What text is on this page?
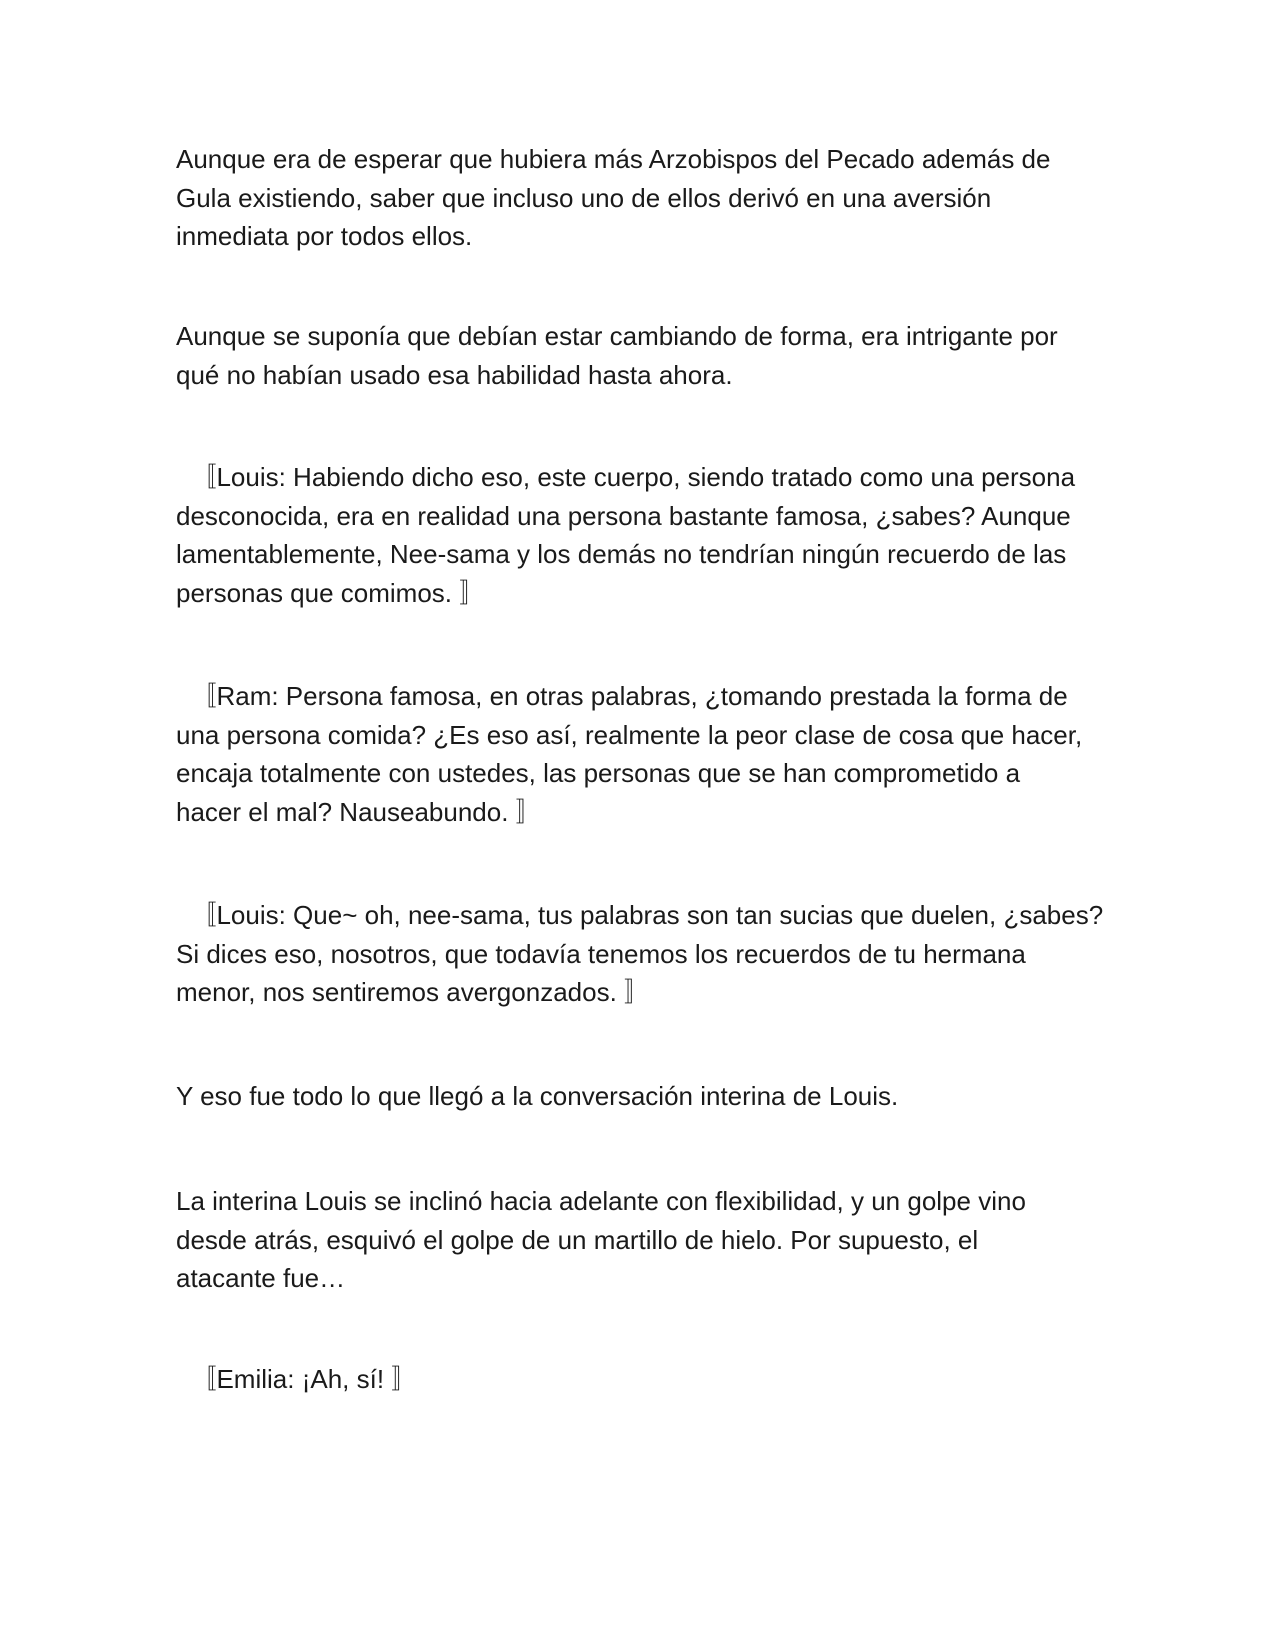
Aunque era de esperar que hubiera más Arzobispos del Pecado además de
Gula existiendo, saber que incluso uno de ellos derivó en una aversión
inmediata por todos ellos.

Aunque se suponía que debían estar cambiando de forma, era intrigante por
qué no habían usado esa habilidad hasta ahora.

〚Louis: Habiendo dicho eso, este cuerpo, siendo tratado como una persona
desconocida, era en realidad una persona bastante famosa, ¿sabes? Aunque
lamentablemente, Nee-sama y los demás no tendrían ningún recuerdo de las
personas que comimos. 〛

〚Ram: Persona famosa, en otras palabras, ¿tomando prestada la forma de
una persona comida? ¿Es eso así, realmente la peor clase de cosa que hacer,
encaja totalmente con ustedes, las personas que se han comprometido a
hacer el mal? Nauseabundo. 〛

〚Louis: Que~ oh, nee-sama, tus palabras son tan sucias que duelen, ¿sabes?
Si dices eso, nosotros, que todavía tenemos los recuerdos de tu hermana
menor, nos sentiremos avergonzados. 〛

Y eso fue todo lo que llegó a la conversación interina de Louis.

La interina Louis se inclinó hacia adelante con flexibilidad, y un golpe vino
desde atrás, esquivó el golpe de un martillo de hielo. Por supuesto, el
atacante fue…

〚Emilia: ¡Ah, sí! 〛
